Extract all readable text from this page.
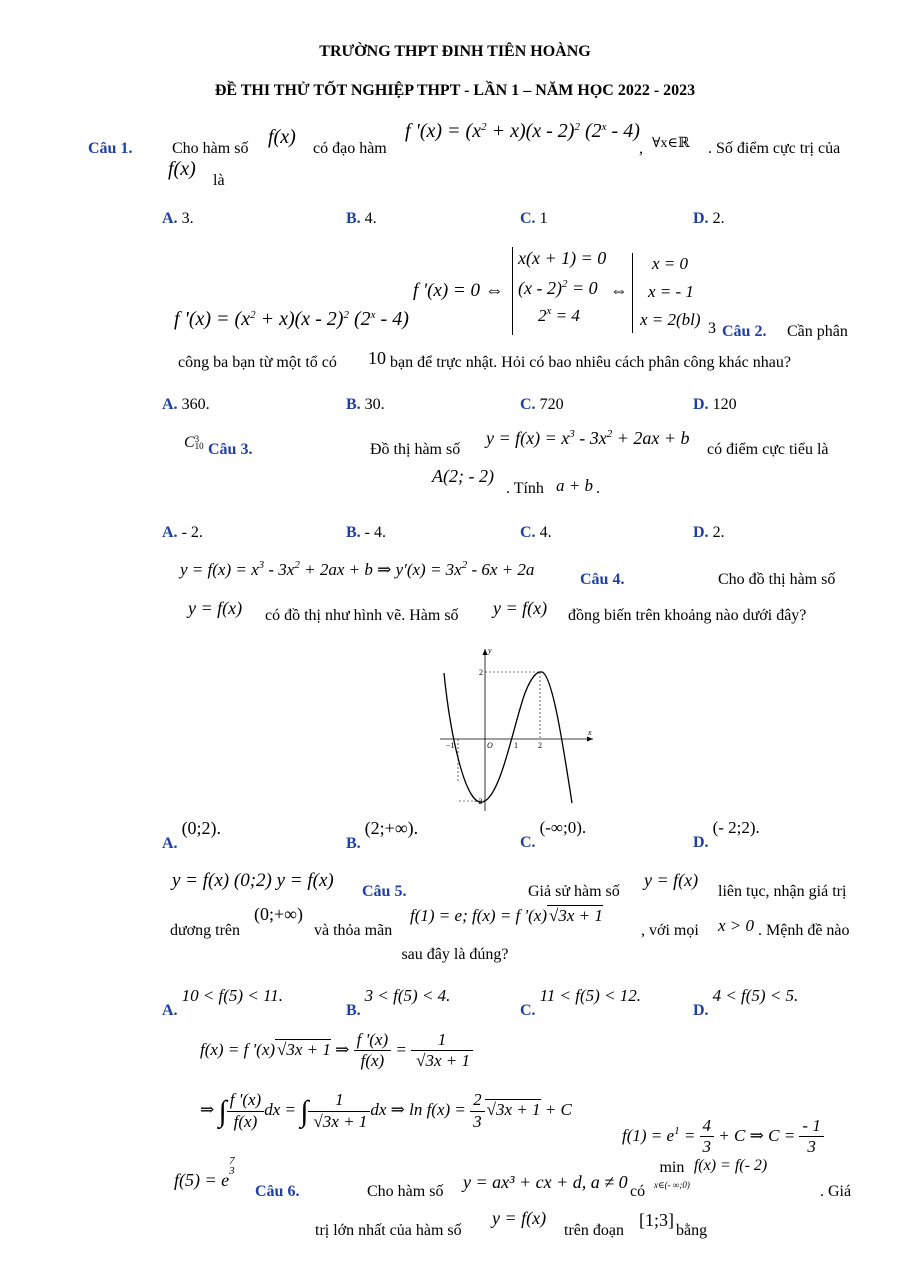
TRƯỜNG THPT ĐINH TIÊN HOÀNG
ĐỀ THI THỬ TỐT NGHIỆP THPT - LẦN 1 – NĂM HỌC 2022 - 2023
Câu 1. Cho hàm số
f(x)
có đạo hàm
f '$(x) = (x^2 + x)(x - 2)^2$ (2$^x$ - 4)
, ∀x∈ℝ . Số điểm cực trị của
f(x)
là
A. 3.	B. 4.	C. 1	D. 2.
f '$(x) = (x^2 + x)(x - 2)^2$ (2$^x$ - 4)
f '(x) = 0 ⇔
x(x + 1) = 0
(x - 2)$^2$ = 0
$2^x = 4$
⇔
x = 0
x = - 1
x = 2(bl) 3 Câu 2. Cần phân
công ba bạn từ một tổ có 10 bạn để trực nhật. Hỏi có bao nhiêu cách phân công khác nhau?
A. 360.	B. 30.	C. 720	D. 120
C3
10 Câu 3.	Đồ thị hàm số
$y = f(x) = x^3 - 3x^2 + 2ax + b$
có điểm cực tiểu là
A(2; - 2)
. Tính a + b .
A. - 2.	B. - 4.	C. 4.	D. 2.
$y = f(x) = x^3 - 3x^2 + 2ax + b$ ⇒ $y'(x) = 3x^2 - 6x + 2a$
Câu 4.	Cho đồ thị hàm số
y = f(x) có đồ thị như hình vẽ. Hàm số y = f(x) đồng biến trên khoảng nào dưới đây?
y
x
2
−2
−1	O	1	2
A. (0;2).
B. (2;+∞).
C. (-∞;0).
D. (- 2;2).
y = f(x) (0;2) y = f(x)
Câu 5.	Giả sử hàm số
y = f(x)
liên tục, nhận giá trị
dương trên
(0;+∞)
và thỏa mãn
f(1) = e; f(x) = f '(x) √3x + 1
, với mọi x > 0 . Mệnh đề nào
sau đây là đúng?
A. 10 < f(5) < 11.
B. 3 < f(5) < 4.
C. 11 < f(5) < 12.
D. 4 < f(5) < 5.
f(x) = f '(x) √3x + 1 ⇒ $\frac{f '(x)}{f(x)} = \frac{1}{√3x + 1}$
⇒ ∫ $\frac{f '(x)}{f(x)}$ dx = ∫ $\frac{1}{√3x + 1}$ dx ⇒ $\ln f(x) = \frac{2}{3} √3x + 1 + C$
$f(1) = e^1 = \frac{4}{3} + C$ ⇒ $C = \frac{- 1}{3}$
f(5) = e7
3
Câu 6.	Cho hàm số y = ax³ + cx + d, a ≠ 0 có
min
x∈(- ∞;0) f(x) = f(- 2)
. Giá
trị lớn nhất của hàm số
y = f(x)
trên đoạn
[1;3]
bằng
